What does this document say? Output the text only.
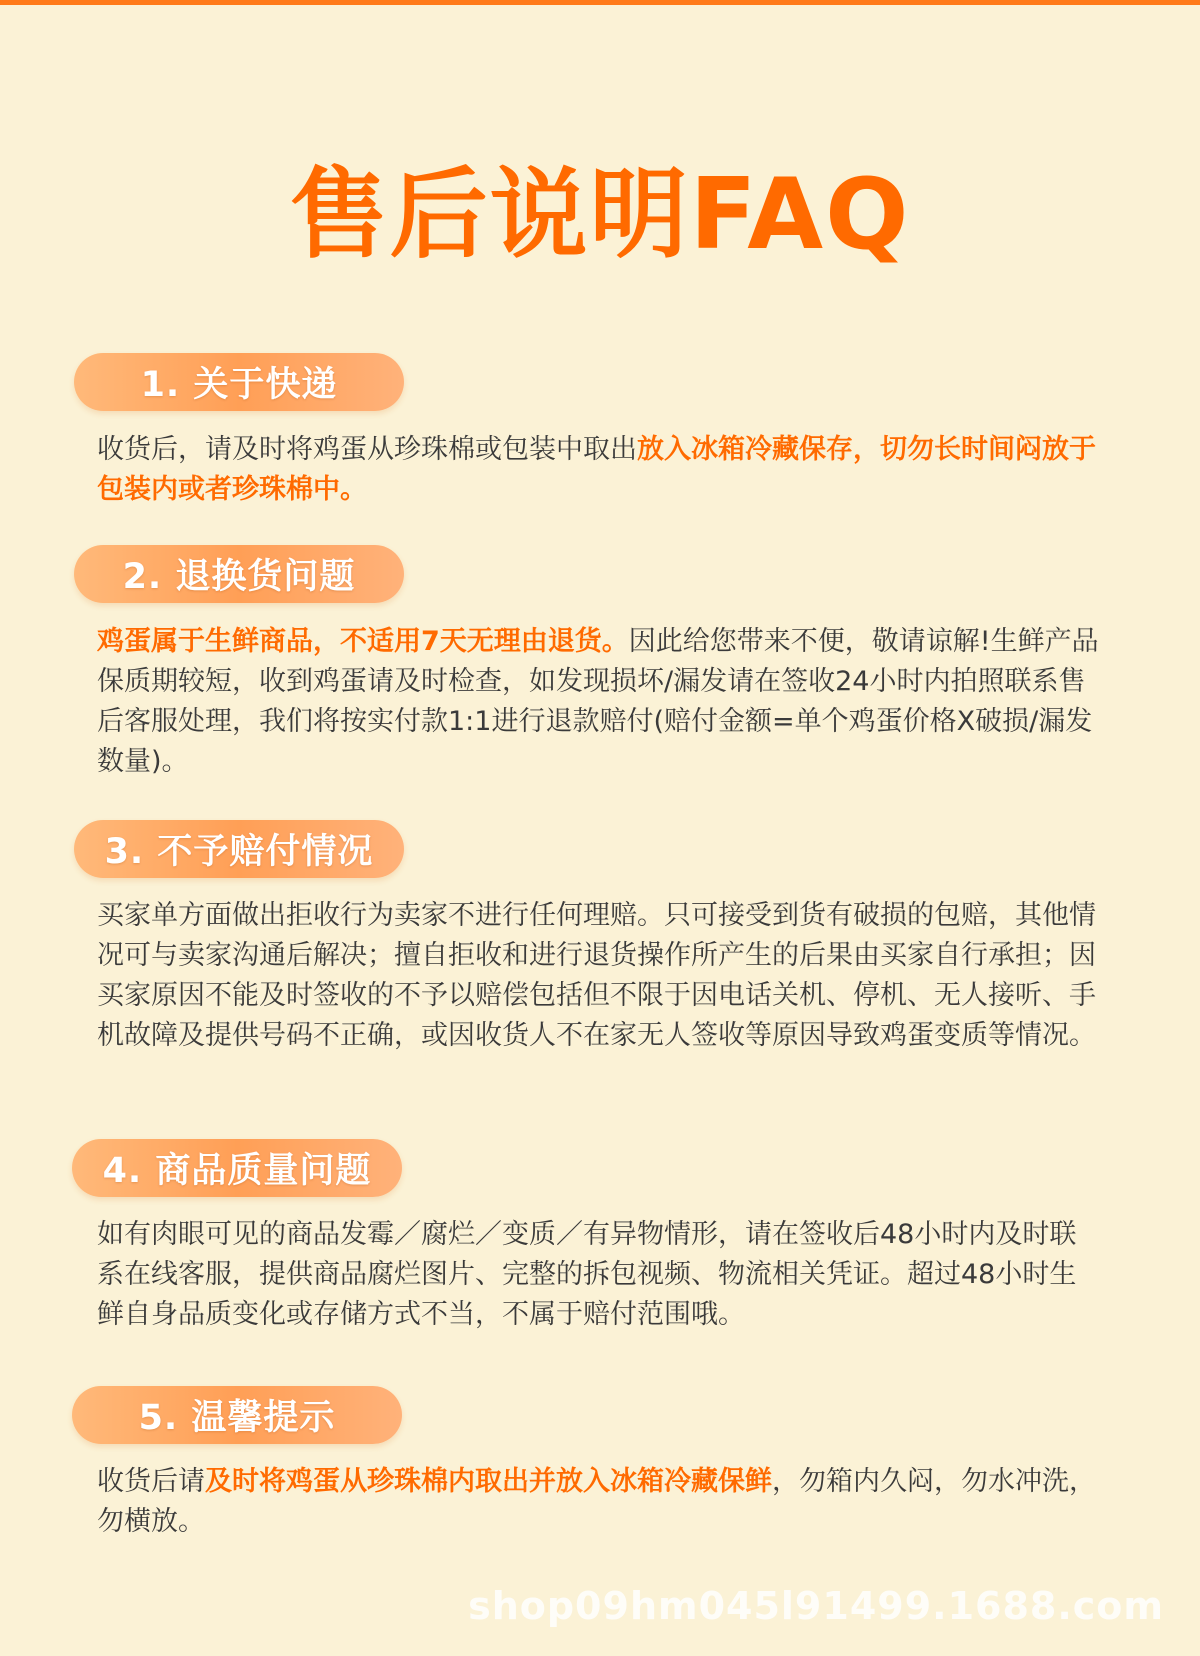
售后说明FAQ
1. 关于快递
收货后，请及时将鸡蛋从珍珠棉或包装中取出放入冰箱冷藏保存，切勿长时间闷放于包装内或者珍珠棉中。
2. 退换货问题
鸡蛋属于生鲜商品，不适用7天无理由退货。因此给您带来不便，敬请谅解!生鲜产品保质期较短，收到鸡蛋请及时检查，如发现损坏/漏发请在签收24小时内拍照联系售后客服处理，我们将按实付款1:1进行退款赔付(赔付金额=单个鸡蛋价格X破损/漏发数量)。
3. 不予赔付情况
买家单方面做出拒收行为卖家不进行任何理赔。只可接受到货有破损的包赔，其他情况可与卖家沟通后解决；擅自拒收和进行退货操作所产生的后果由买家自行承担；因买家原因不能及时签收的不予以赔偿包括但不限于因电话关机、停机、无人接听、手机故障及提供号码不正确，或因收货人不在家无人签收等原因导致鸡蛋变质等情况。
4. 商品质量问题
如有肉眼可见的商品发霉／腐烂／变质／有异物情形，请在签收后48小时内及时联系在线客服，提供商品腐烂图片、完整的拆包视频、物流相关凭证。超过48小时生鲜自身品质变化或存储方式不当，不属于赔付范围哦。
5. 温馨提示
收货后请及时将鸡蛋从珍珠棉内取出并放入冰箱冷藏保鲜，勿箱内久闷，勿水冲洗，勿横放。
shop09hm045l91499.1688.com
